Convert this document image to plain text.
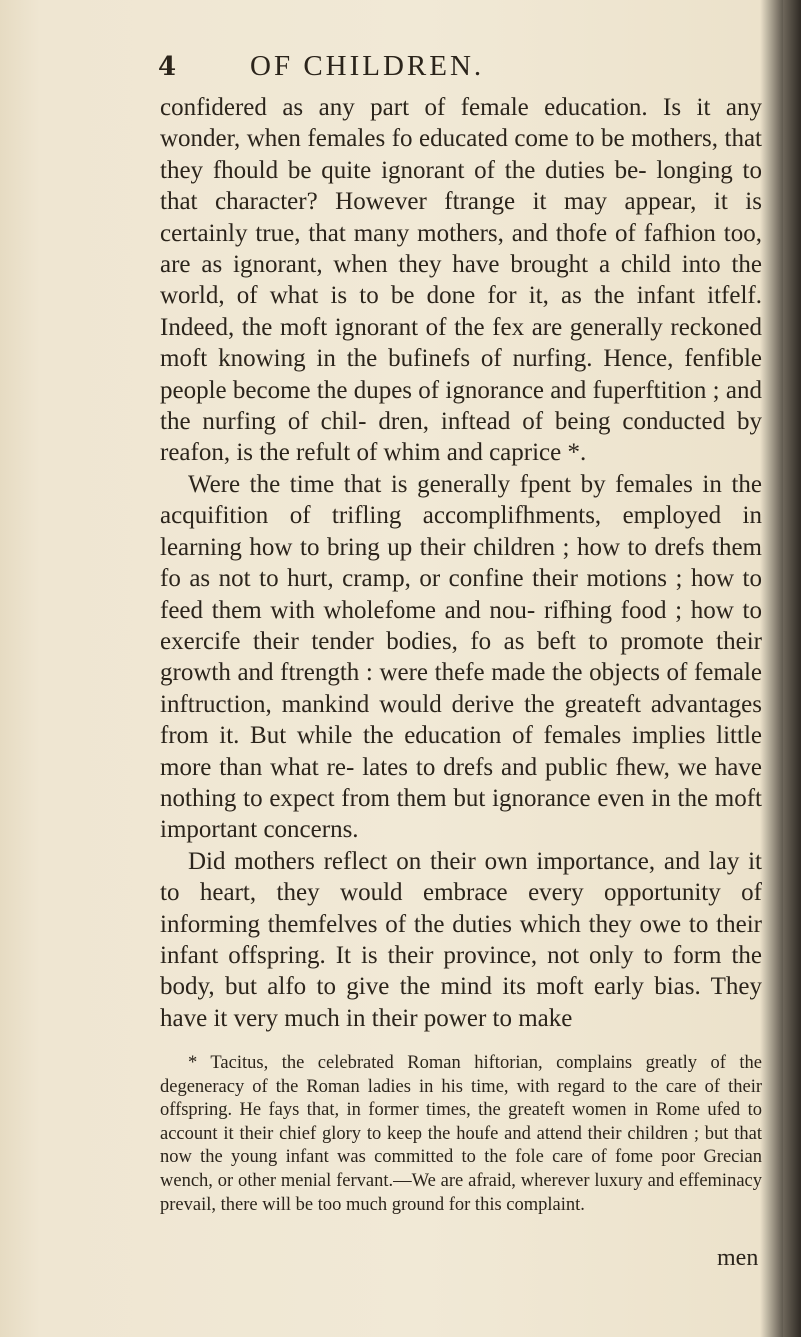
4	OF CHILDREN.

confidered as any part of female education. Is it any wonder, when females fo educated come to be mothers, that they fhould be quite ignorant of the duties be- longing to that character? However ftrange it may appear, it is certainly true, that many mothers, and thofe of fafhion too, are as ignorant, when they have brought a child into the world, of what is to be done for it, as the infant itfelf. Indeed, the moft ignorant of the fex are generally reckoned moft knowing in the bufinefs of nurfing. Hence, fenfible people become the dupes of ignorance and fuperftition ; and the nurfing of chil- dren, inftead of being conducted by reafon, is the refult of whim and caprice *.

Were the time that is generally fpent by females in the acquifition of trifling accomplifhments, employed in learning how to bring up their children ; how to drefs them fo as not to hurt, cramp, or confine their motions ; how to feed them with wholefome and nou- rifhing food ; how to exercife their tender bodies, fo as beft to promote their growth and ftrength : were thefe made the objects of female inftruction, mankind would derive the greateft advantages from it. But while the education of females implies little more than what re- lates to drefs and public fhew, we have nothing to expect from them but ignorance even in the moft important concerns.

Did mothers reflect on their own importance, and lay it to heart, they would embrace every opportunity of informing themfelves of the duties which they owe to their infant offspring. It is their province, not only to form the body, but alfo to give the mind its moft early bias. They have it very much in their power to make

* Tacitus, the celebrated Roman hiftorian, complains greatly of the degeneracy of the Roman ladies in his time, with regard to the care of their offspring. He fays that, in former times, the greateft women in Rome ufed to account it their chief glory to keep the houfe and attend their children ; but that now the young infant was committed to the fole care of fome poor Grecian wench, or other menial fervant.—We are afraid, wherever luxury and effeminacy prevail, there will be too much ground for this complaint.
men
